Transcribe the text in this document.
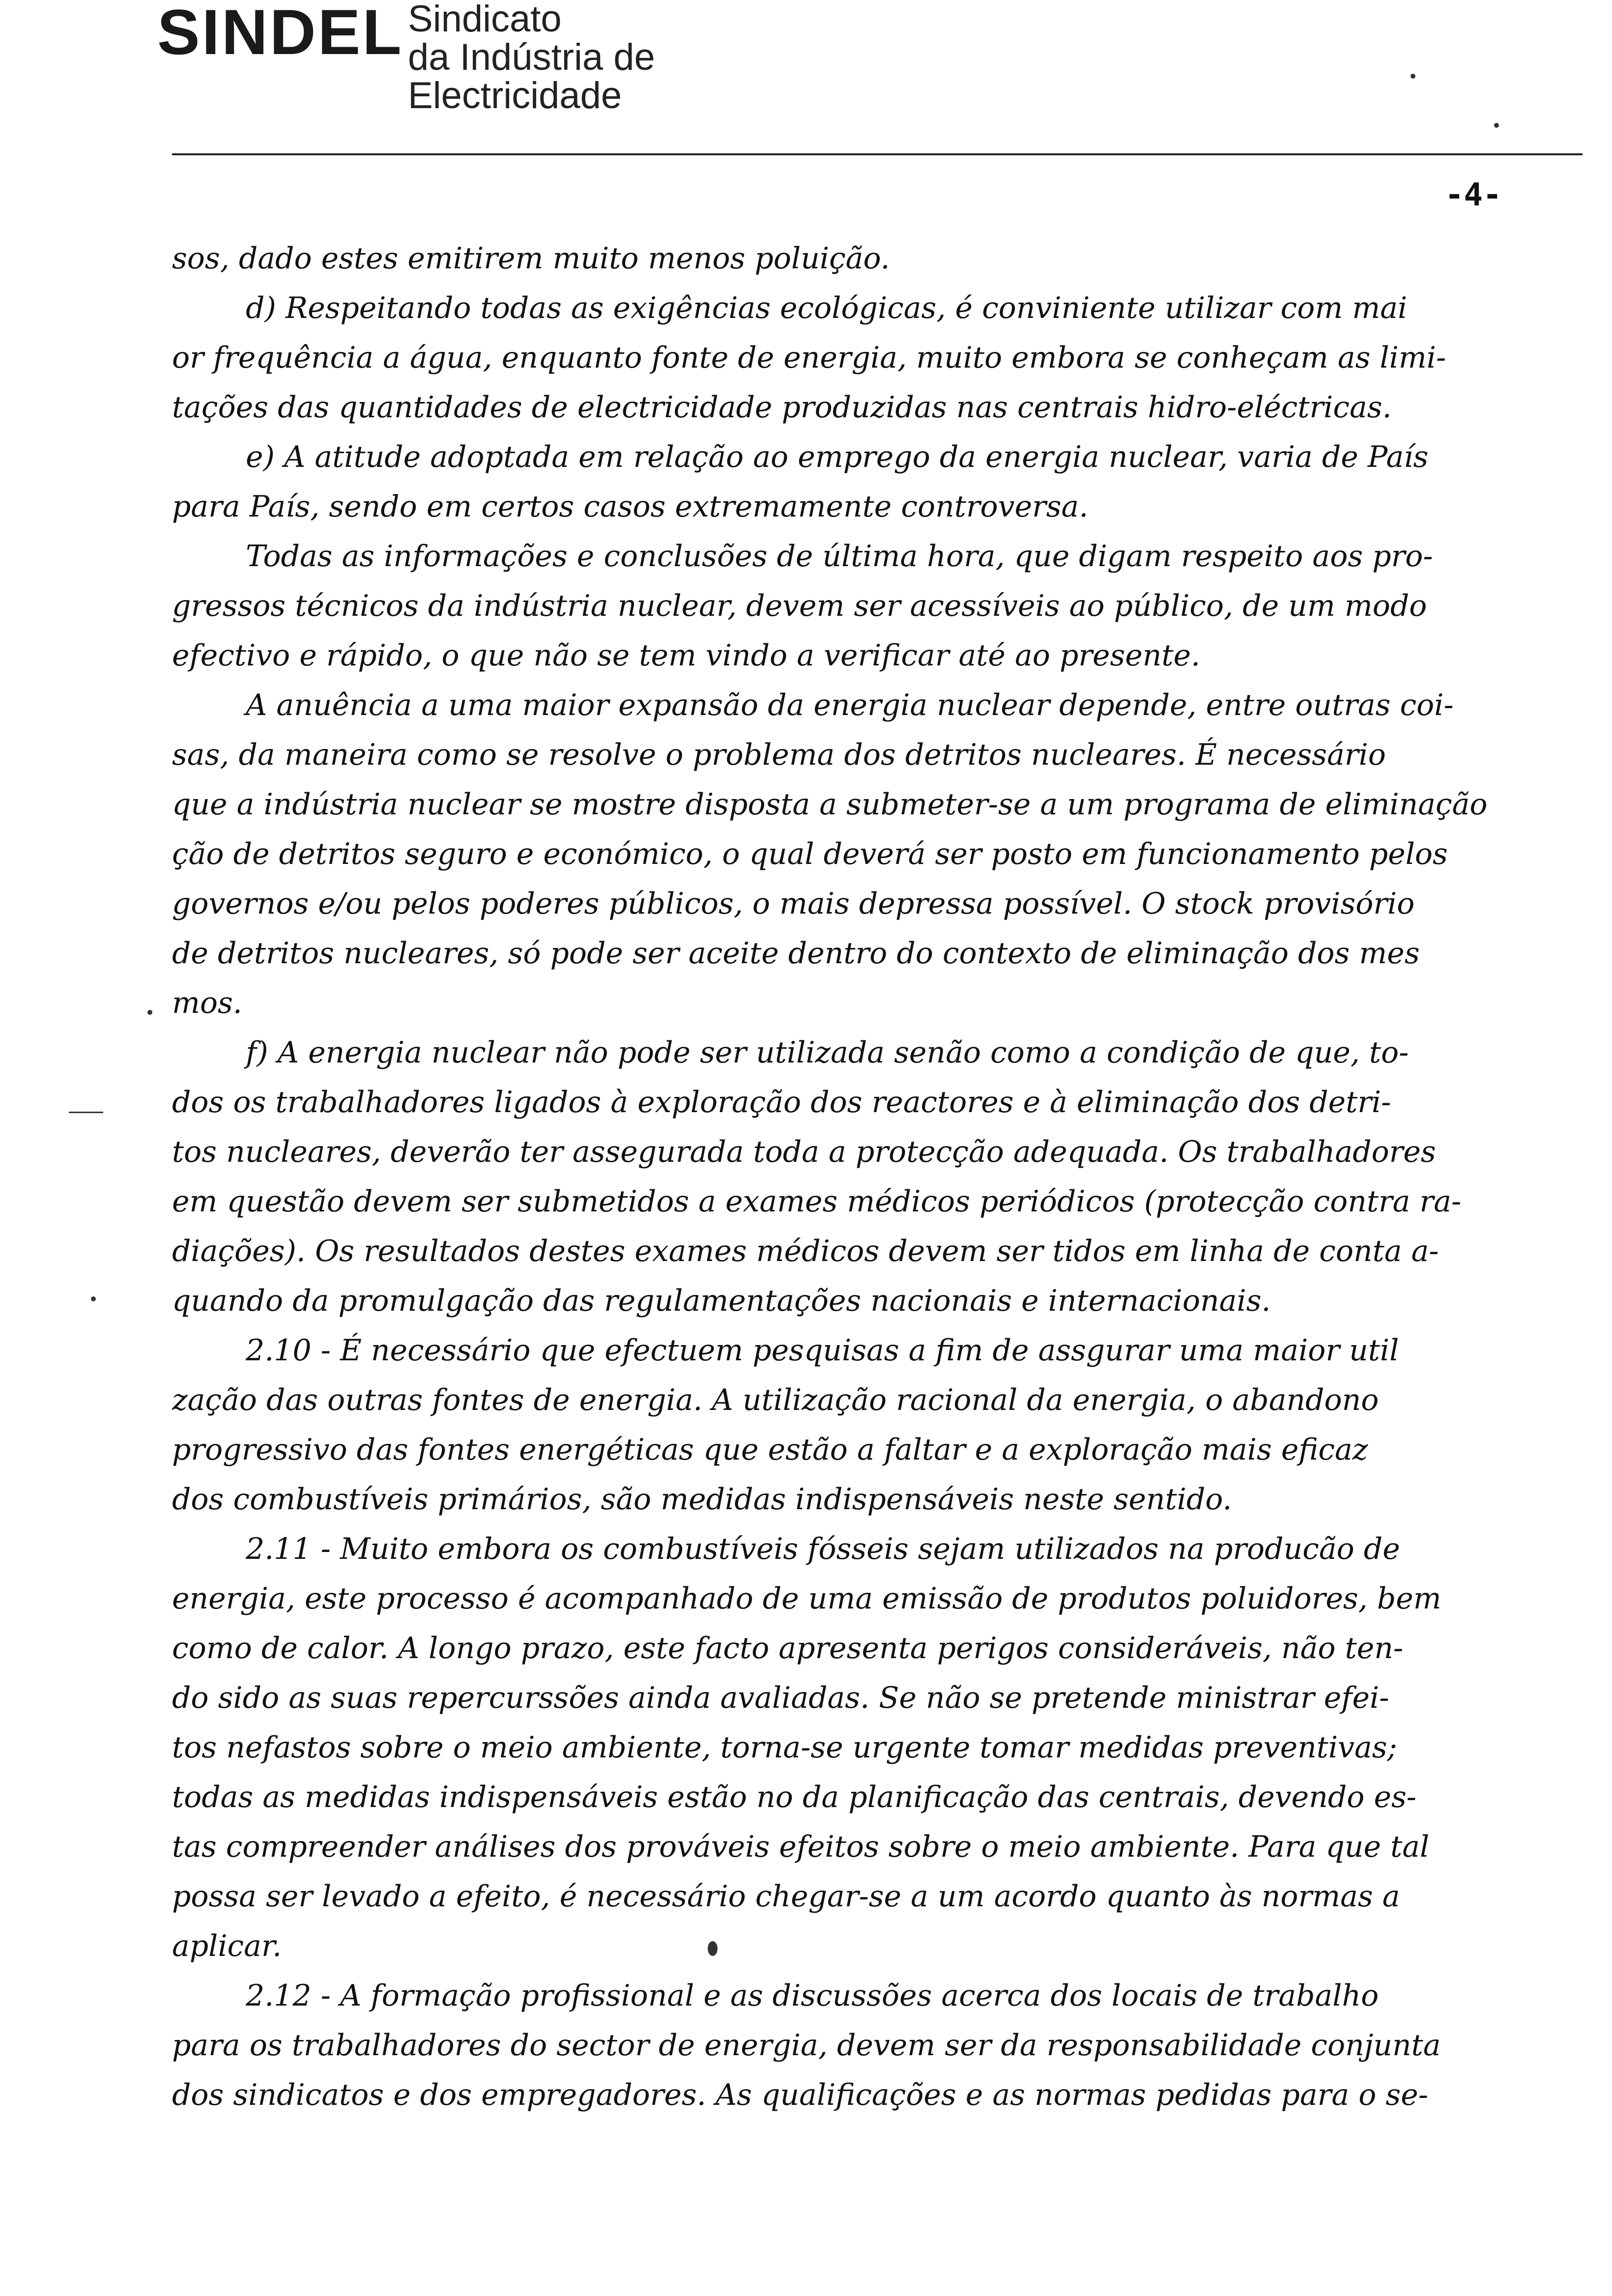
SINDEL Sindicato
da Indústria de
Electricidade
-4-
sos, dado estes emitirem muito menos poluição.
d) Respeitando todas as exigências ecológicas, é conviniente utilizar com mai
or frequência a água, enquanto fonte de energia, muito embora se conheçam as limi-
tações das quantidades de electricidade produzidas nas centrais hidro-eléctricas.
e) A atitude adoptada em relação ao emprego da energia nuclear, varia de País
para País, sendo em certos casos extremamente controversa.
Todas as informações e conclusões de última hora, que digam respeito aos pro-
gressos técnicos da indústria nuclear, devem ser acessíveis ao público, de um modo
efectivo e rápido, o que não se tem vindo a verificar até ao presente.
A anuência a uma maior expansão da energia nuclear depende, entre outras coi-
sas, da maneira como se resolve o problema dos detritos nucleares. É necessário
que a indústria nuclear se mostre disposta a submeter-se a um programa de eliminação
ção de detritos seguro e económico, o qual deverá ser posto em funcionamento pelos
governos e/ou pelos poderes públicos, o mais depressa possível. O stock provisório
de detritos nucleares, só pode ser aceite dentro do contexto de eliminação dos mes
mos.
f) A energia nuclear não pode ser utilizada senão como a condição de que, to-
dos os trabalhadores ligados à exploração dos reactores e à eliminação dos detri-
tos nucleares, deverão ter assegurada toda a protecção adequada. Os trabalhadores
em questão devem ser submetidos a exames médicos periódicos (protecção contra ra-
diações). Os resultados destes exames médicos devem ser tidos em linha de conta a-
quando da promulgação das regulamentações nacionais e internacionais.
2.10 - É necessário que efectuem pesquisas a fim de assgurar uma maior util
zação das outras fontes de energia. A utilização racional da energia, o abandono
progressivo das fontes energéticas que estão a faltar e a exploração mais eficaz
dos combustíveis primários, são medidas indispensáveis neste sentido.
2.11 - Muito embora os combustíveis fósseis sejam utilizados na producão de
energia, este processo é acompanhado de uma emissão de produtos poluidores, bem
como de calor. A longo prazo, este facto apresenta perigos consideráveis, não ten-
do sido as suas repercurssões ainda avaliadas. Se não se pretende ministrar efei-
tos nefastos sobre o meio ambiente, torna-se urgente tomar medidas preventivas;
todas as medidas indispensáveis estão no da planificação das centrais, devendo es-
tas compreender análises dos prováveis efeitos sobre o meio ambiente. Para que tal
possa ser levado a efeito, é necessário chegar-se a um acordo quanto às normas a
aplicar.
2.12 - A formação profissional e as discussões acerca dos locais de trabalho
para os trabalhadores do sector de energia, devem ser da responsabilidade conjunta
dos sindicatos e dos empregadores. As qualificações e as normas pedidas para o se-
